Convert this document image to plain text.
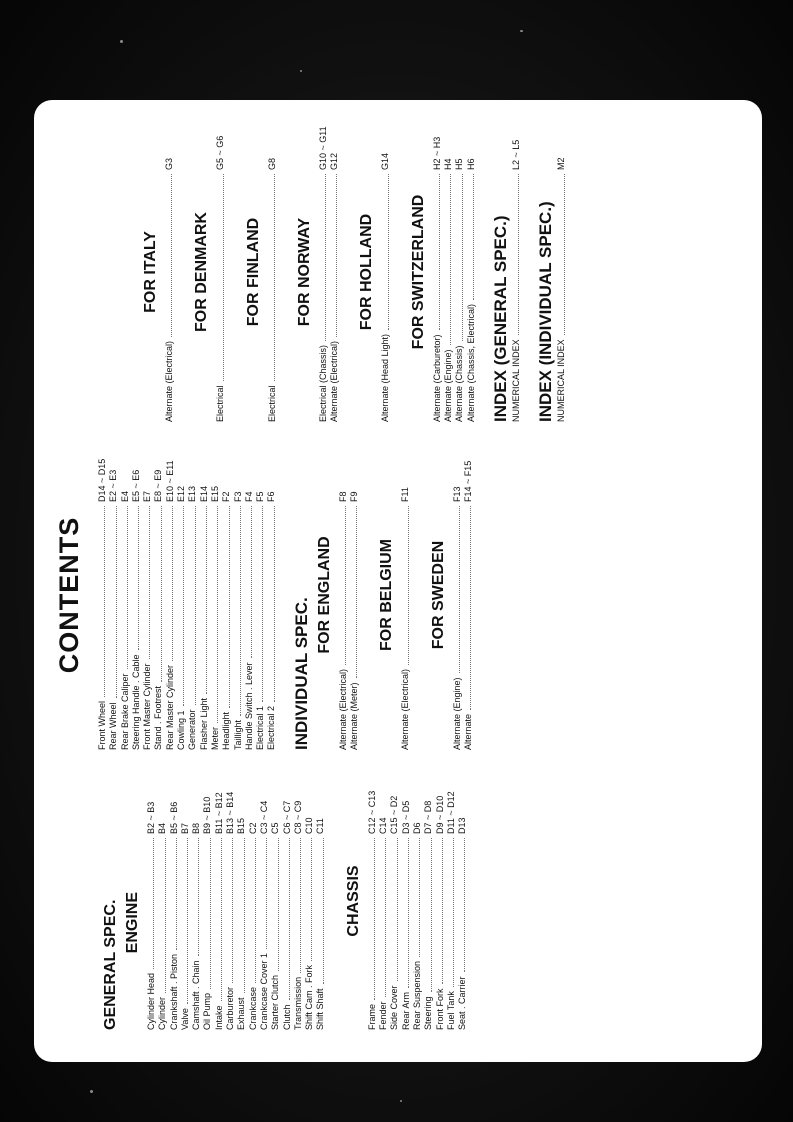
GENERAL SPEC. ENGINE
Cylinder Head
B2 ~ B3
Cylinder
B4
Crankshaft . Piston
B5 ~ B6
Valve
B7
Camshaft . Chain
B8
Oil Pump
B9 ~ B10
Intake
B11 ~ B12
Carburetor
B13 ~ B14
Exhaust
B15
Crankcase
C2
Crankcase Cover 1
C3 ~ C4
Starter Clutch
C5
Clutch
C6 ~ C7
Transmission
C8 ~ C9
Shift Cam . Fork
C10
Shift Shaft
C11
CHASSIS
Frame
C12 ~ C13
Fender
C14
Side Cover
C15 ~ D2
Rear Arm
D3 ~ D5
Rear Suspension
D6
Steering
D7 ~ D8
Front Fork
D9 ~ D10
Fuel Tank
D11 ~ D12
Seat . Carrier
D13
CONTENTS
Front Wheel
D14 ~ D15
Rear Wheel
E2 ~ E3
Rear Brake Caliper
E4
Steering Handle . Cable
E5 ~ E6
Front Master Cylinder
E7
Stand . Footrest
E8 ~ E9
Rear Master Cylinder
E10 ~ E11
Cowling 1
E12
Generator
E13
Flasher Light
E14
Meter
E15
Headlight
F2
Taillight
F3
Handle Switch . Lever
F4
Electrical 1
F5
Electrical 2
F6
INDIVIDUAL SPEC.
FOR ENGLAND
Alternate (Electrical)
F8
Alternate (Meter)
F9
FOR BELGIUM
Alternate (Electrical)
F11
FOR SWEDEN
Alternate (Engine)
F13
Alternate
F14 ~ F15
FOR ITALY
Alternate (Electrical)
G3
FOR DENMARK
Electrical
G5 ~ G6
FOR FINLAND
Electrical
G8
FOR NORWAY
Electrical (Chassis)
G10 ~ G11
Alternate (Electrical)
G12
FOR HOLLAND
Alternate (Head Light)
G14
FOR SWITZERLAND
Alternate (Carburetor)
H2 ~ H3
Alternate (Engine)
H4
Alternate (Chassis)
H5
Alternate (Chassis, Electrical)
H6
INDEX (GENERAL SPEC.) NUMERICAL INDEX
L2 ~ L5
INDEX (INDIVIDUAL SPEC.) NUMERICAL INDEX
M2
